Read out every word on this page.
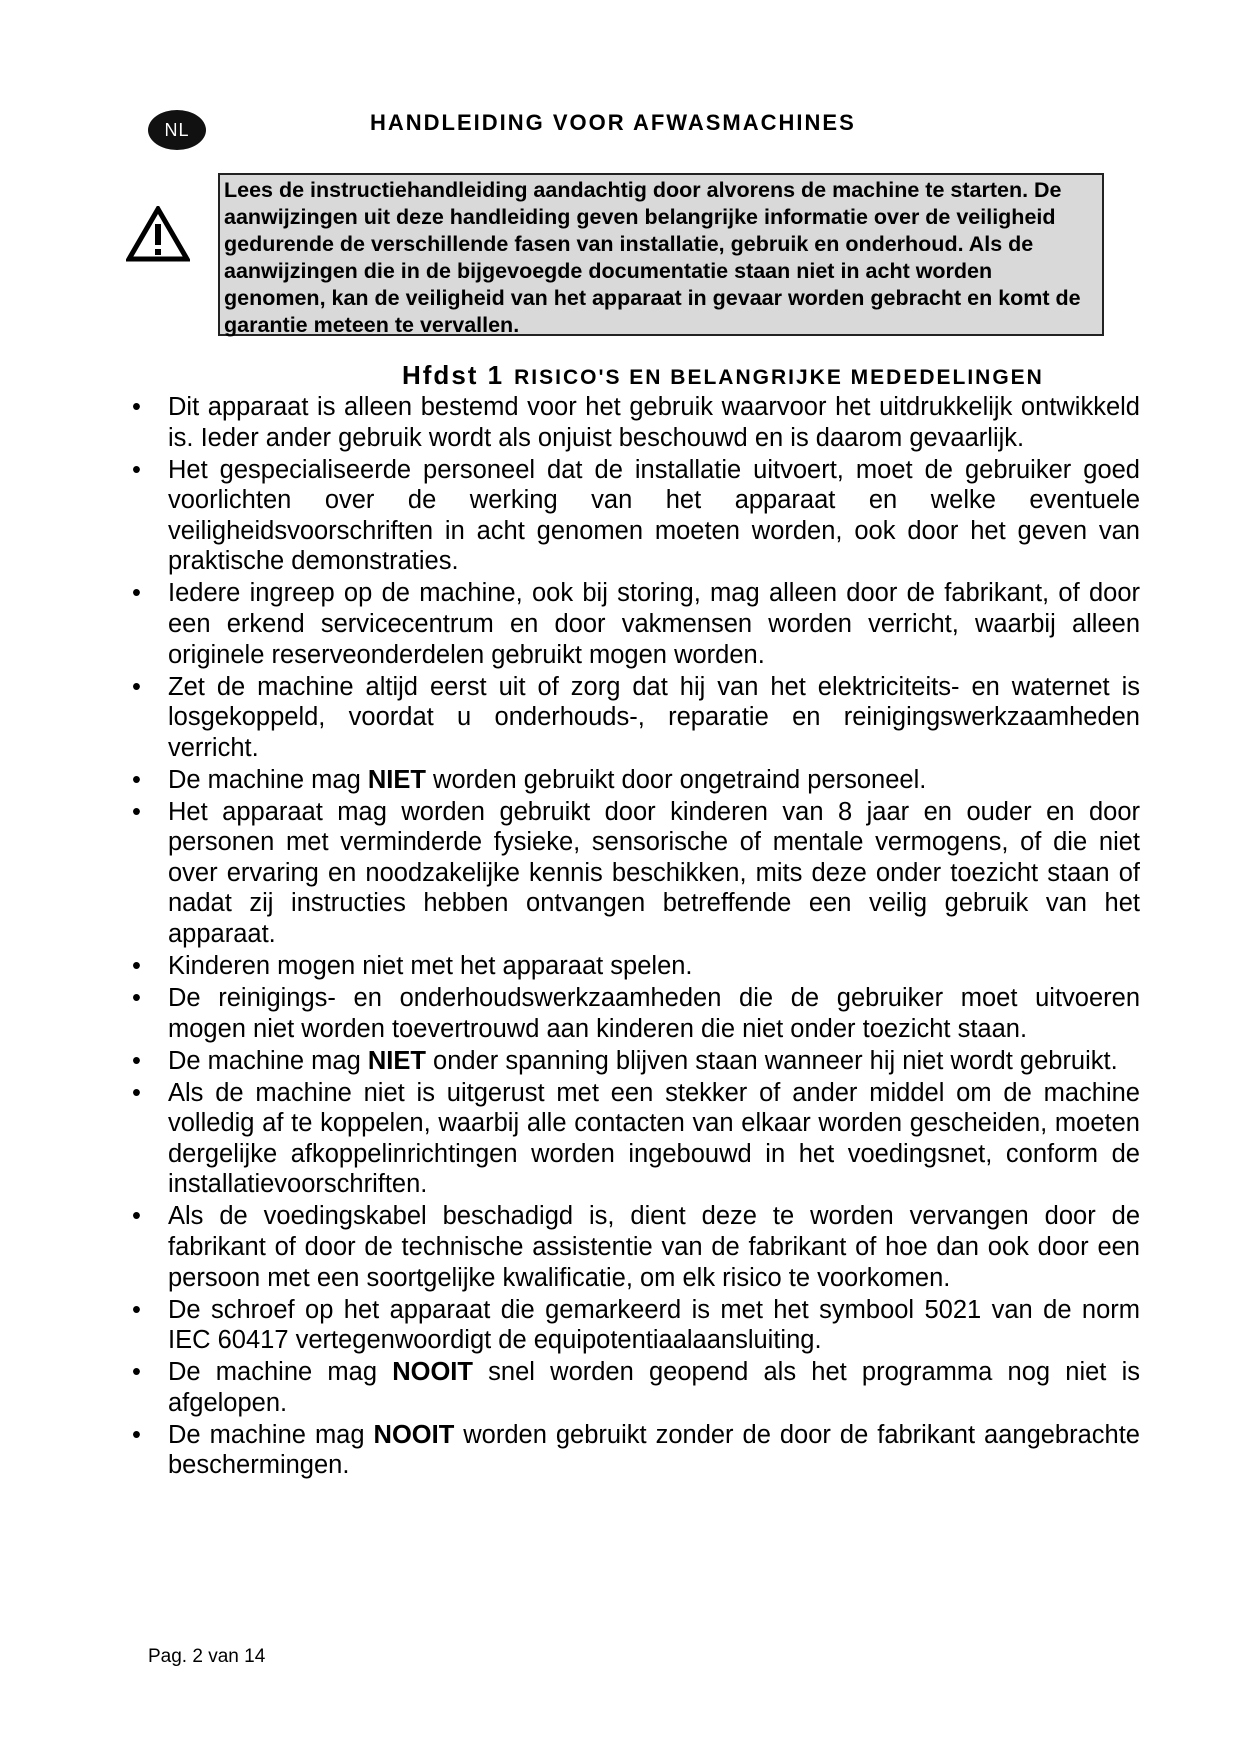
NL	HANDLEIDING VOOR AFWASMACHINES
Lees de instructiehandleiding aandachtig door alvorens de machine te starten. De aanwijzingen uit deze handleiding geven belangrijke informatie over de veiligheid gedurende de verschillende fasen van installatie, gebruik en onderhoud. Als de aanwijzingen die in de bijgevoegde documentatie staan niet in acht worden genomen, kan de veiligheid van het apparaat in gevaar worden gebracht en komt de garantie meteen te vervallen.
Hfdst 1 RISICO'S EN BELANGRIJKE MEDEDELINGEN
• Dit apparaat is alleen bestemd voor het gebruik waarvoor het uitdrukkelijk ontwikkeld is. Ieder ander gebruik wordt als onjuist beschouwd en is daarom gevaarlijk.
• Het gespecialiseerde personeel dat de installatie uitvoert, moet de gebruiker goed voorlichten over de werking van het apparaat en welke eventuele veiligheidsvoorschriften in acht genomen moeten worden, ook door het geven van praktische demonstraties.
• Iedere ingreep op de machine, ook bij storing, mag alleen door de fabrikant, of door een erkend servicecentrum en door vakmensen worden verricht, waarbij alleen originele reserveonderdelen gebruikt mogen worden.
• Zet de machine altijd eerst uit of zorg dat hij van het elektriciteits- en waternet is losgekoppeld, voordat u onderhouds-, reparatie en reinigingswerkzaamheden verricht.
• De machine mag NIET worden gebruikt door ongetraind personeel.
• Het apparaat mag worden gebruikt door kinderen van 8 jaar en ouder en door personen met verminderde fysieke, sensorische of mentale vermogens, of die niet over ervaring en noodzakelijke kennis beschikken, mits deze onder toezicht staan of nadat zij instructies hebben ontvangen betreffende een veilig gebruik van het apparaat.
• Kinderen mogen niet met het apparaat spelen.
• De reinigings- en onderhoudswerkzaamheden die de gebruiker moet uitvoeren mogen niet worden toevertrouwd aan kinderen die niet onder toezicht staan.
• De machine mag NIET onder spanning blijven staan wanneer hij niet wordt gebruikt.
• Als de machine niet is uitgerust met een stekker of ander middel om de machine volledig af te koppelen, waarbij alle contacten van elkaar worden gescheiden, moeten dergelijke afkoppelinrichtingen worden ingebouwd in het voedingsnet, conform de installatievoorschriften.
• Als de voedingskabel beschadigd is, dient deze te worden vervangen door de fabrikant of door de technische assistentie van de fabrikant of hoe dan ook door een persoon met een soortgelijke kwalificatie, om elk risico te voorkomen.
• De schroef op het apparaat die gemarkeerd is met het symbool 5021 van de norm IEC 60417 vertegenwoordigt de equipotentiaalaansluiting.
• De machine mag NOOIT snel worden geopend als het programma nog niet is afgelopen.
• De machine mag NOOIT worden gebruikt zonder de door de fabrikant aangebrachte beschermingen.
Pag. 2 van 14
